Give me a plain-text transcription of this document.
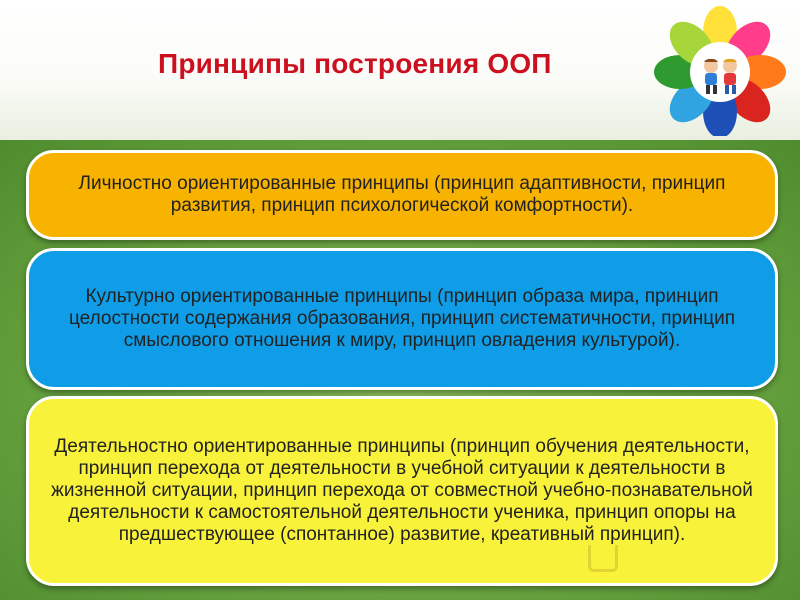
Принципы построения ООП
Личностно ориентированные принципы (принцип адаптивности, принцип развития, принцип психологической комфортности).
Культурно ориентированные принципы (принцип образа мира, принцип целостности содержания образования, принцип систематичности, принцип смыслового отношения к миру, принцип овладения культурой).
Деятельностно ориентированные принципы (принцип обучения деятельности, принцип перехода от деятельности в учебной ситуации к деятельности в жизненной ситуации, принцип перехода от совместной учебно-познавательной деятельности к самостоятельной деятельности ученика, принцип опоры на предшествующее (спонтанное) развитие, креативный принцип).
